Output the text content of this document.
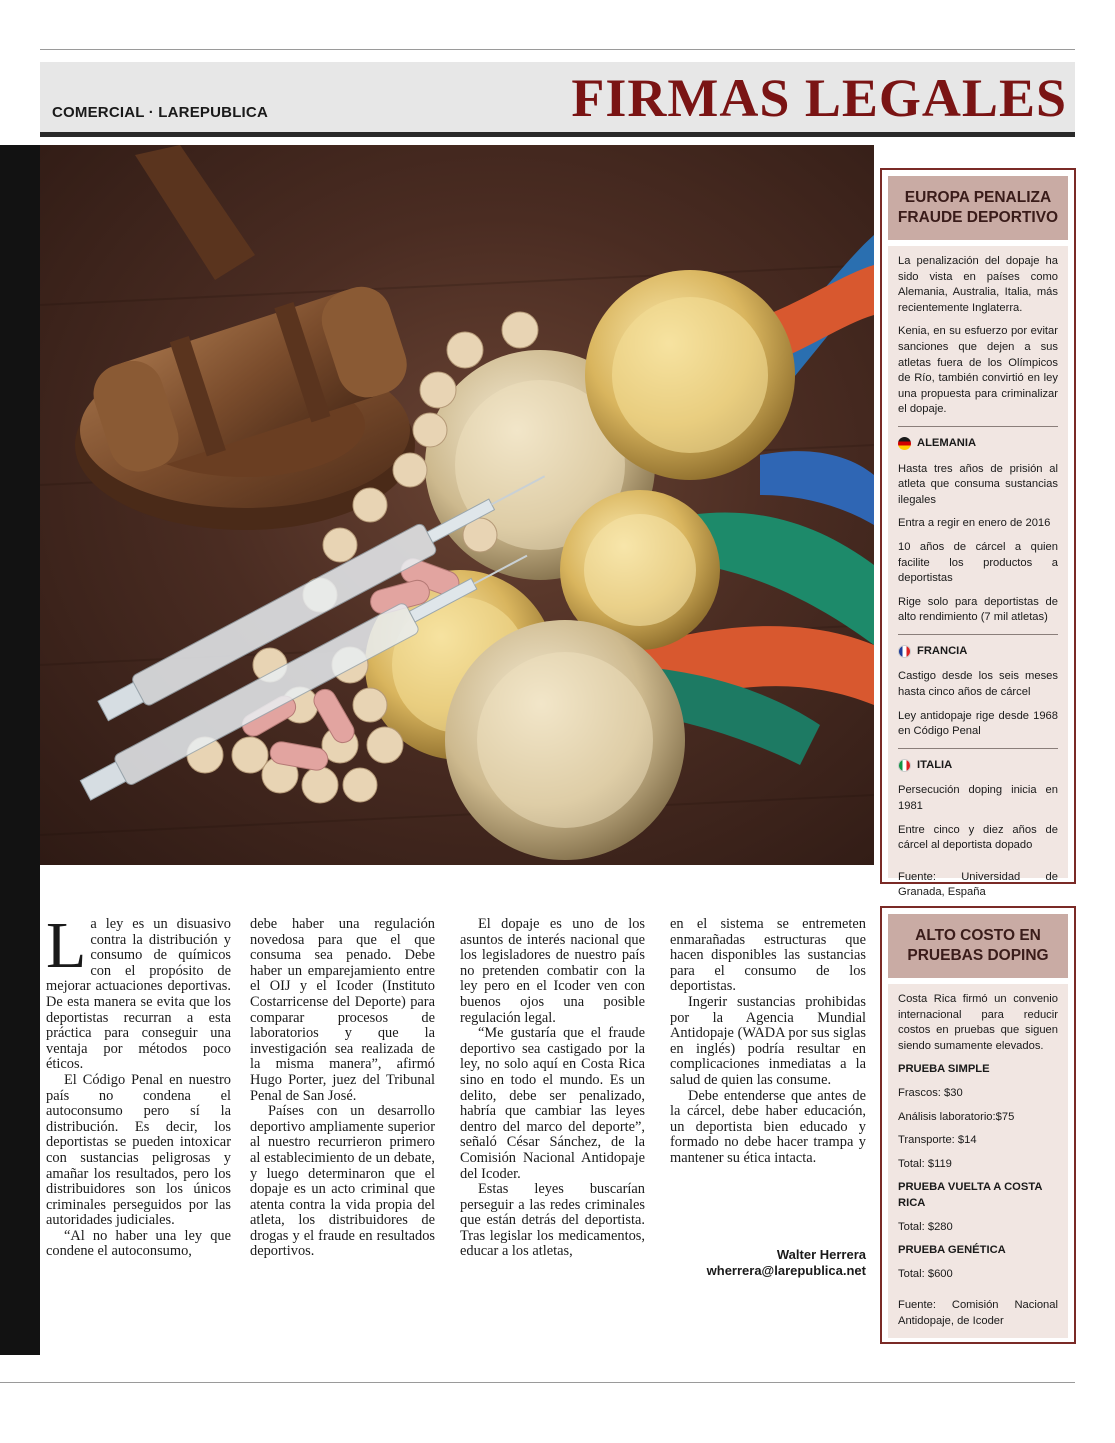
COMERCIAL · LAREPUBLICA	FIRMAS LEGALES

La ley es un disuasivo contra la distribución y consumo de químicos con el propósito de mejorar actuaciones deportivas. De esta manera se evita que los deportistas recurran a esta práctica para conseguir una ventaja por métodos poco éticos.

El Código Penal en nuestro país no condena el autoconsumo pero sí la distribución. Es decir, los deportistas se pueden intoxicar con sustancias peligrosas y amañar los resultados, pero los distribuidores son los únicos criminales perseguidos por las autoridades judiciales.

“Al no haber una ley que condene el autoconsumo,

debe haber una regulación novedosa para que el que consuma sea penado. Debe haber un emparejamiento entre el OIJ y el Icoder (Instituto Costarricense del Deporte) para comparar procesos de laboratorios y que la investigación sea realizada de la misma manera”, afirmó Hugo Porter, juez del Tribunal Penal de San José.

Países con un desarrollo deportivo ampliamente superior al nuestro recurrieron primero al establecimiento de un debate, y luego determinaron que el dopaje es un acto criminal que atenta contra la vida propia del atleta, los distribuidores de drogas y el fraude en resultados deportivos.

El dopaje es uno de los asuntos de interés nacional que los legisladores de nuestro país no pretenden combatir con la ley pero en el Icoder ven con buenos ojos una posible regulación legal.

“Me gustaría que el fraude deportivo sea castigado por la ley, no solo aquí en Costa Rica sino en todo el mundo. Es un delito, debe ser penalizado, habría que cambiar las leyes dentro del marco del deporte”, señaló César Sánchez, de la Comisión Nacional Antidopaje del Icoder.

Estas leyes buscarían perseguir a las redes criminales que están detrás del deportista. Tras legislar los medicamentos, educar a los atletas,

en el sistema se entremeten enmarañadas estructuras que hacen disponibles las sustancias para el consumo de los deportistas.

Ingerir sustancias prohibidas por la Agencia Mundial Antidopaje (WADA por sus siglas en inglés) podría resultar en complicaciones inmediatas a la salud de quien las consume.

Debe entenderse que antes de la cárcel, debe haber educación, un deportista bien educado y formado no debe hacer trampa y mantener su ética intacta.

Walter Herrera
wherrera@larepublica.net
EUROPA PENALIZA FRAUDE DEPORTIVO

La penalización del dopaje ha sido vista en países como Alemania, Australia, Italia, más recientemente Inglaterra.

Kenia, en su esfuerzo por evitar sanciones que dejen a sus atletas fuera de los Olímpicos de Río, también convirtió en ley una propuesta para criminalizar el dopaje.

ALEMANIA

Hasta tres años de prisión al atleta que consuma sustancias ilegales

Entra a regir en enero de 2016

10 años de cárcel a quien facilite los productos a deportistas

Rige solo para deportistas de alto rendimiento (7 mil atletas)

FRANCIA

Castigo desde los seis meses hasta cinco años de cárcel

Ley antidopaje rige desde 1968 en Código Penal

ITALIA

Persecución doping inicia en 1981

Entre cinco y diez años de cárcel al deportista dopado

Fuente: Universidad de Granada, España

ALTO COSTO EN PRUEBAS DOPING

Costa Rica firmó un convenio internacional para reducir costos en pruebas que siguen siendo sumamente elevados.

PRUEBA SIMPLE

Frascos: $30

Análisis laboratorio:$75

Transporte: $14

Total: $119

PRUEBA VUELTA A COSTA RICA

Total: $280

PRUEBA GENÉTICA

Total: $600

Fuente: Comisión Nacional Antidopaje, de Icoder
